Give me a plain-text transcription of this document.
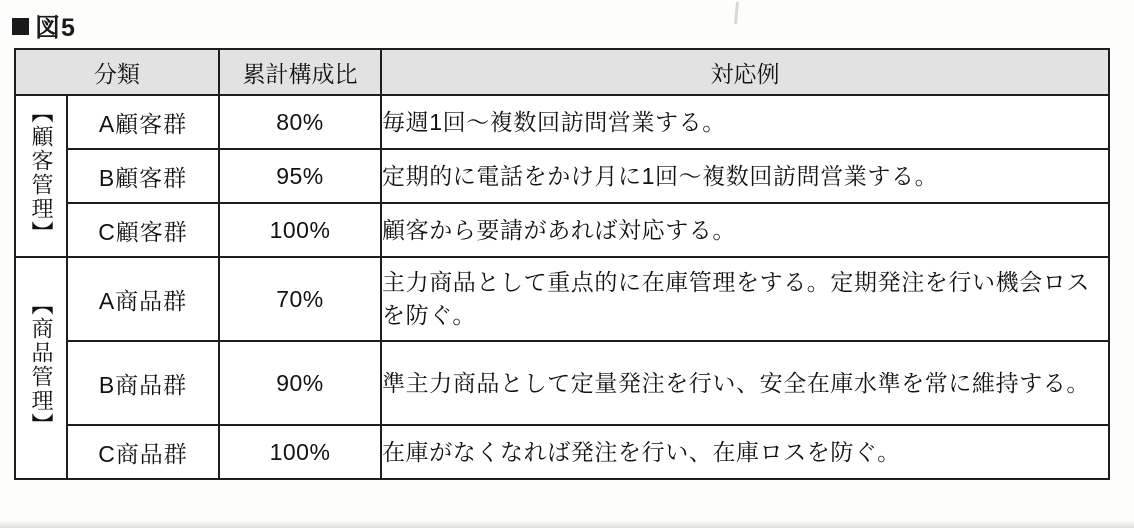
図5
分類		累計構成比	対応例
【顧客管理】	A顧客群	80%	毎週1回〜複数回訪問営業する。
	B顧客群	95%	定期的に電話をかけ月に1回〜複数回訪問営業する。
	C顧客群	100%	顧客から要請があれば対応する。
【商品管理】	A商品群	70%	主力商品として重点的に在庫管理をする。定期発注を行い機会ロスを防ぐ。
	B商品群	90%	準主力商品として定量発注を行い、安全在庫水準を常に維持する。
	C商品群	100%	在庫がなくなれば発注を行い、在庫ロスを防ぐ。
